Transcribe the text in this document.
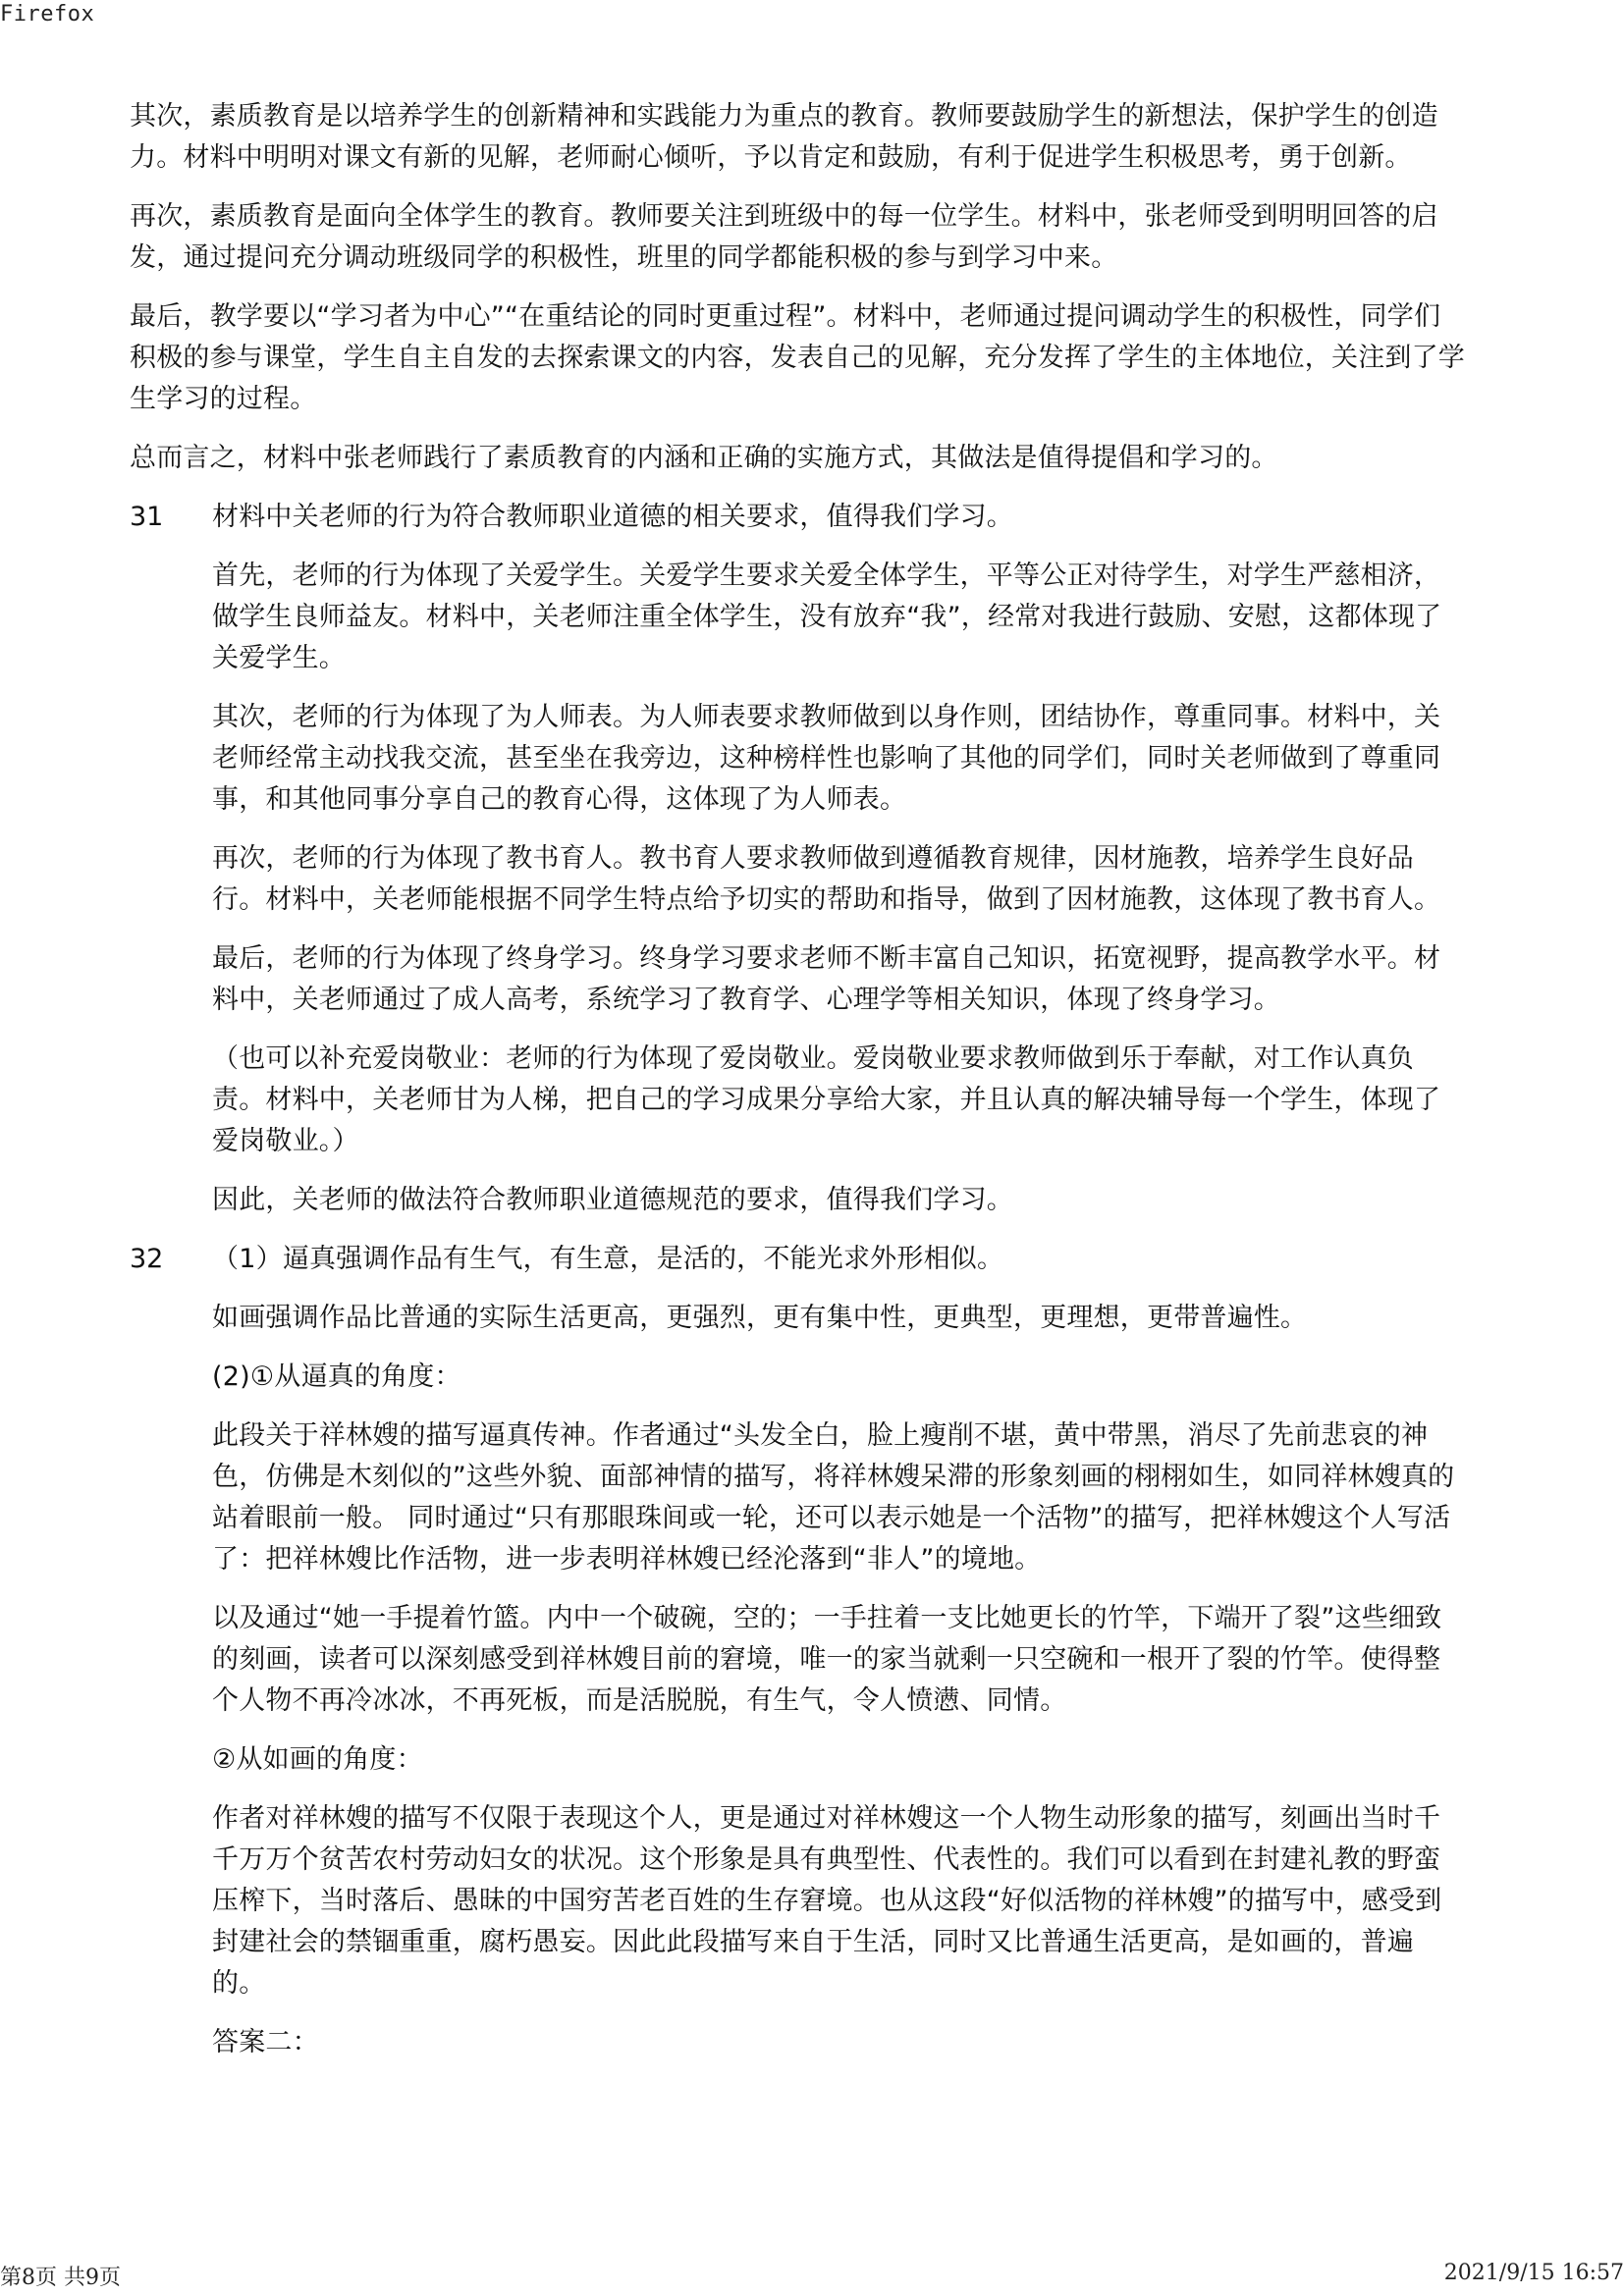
Firefox

其次，素质教育是以培养学生的创新精神和实践能力为重点的教育。教师要鼓励学生的新想法，保护学生的创造力。材料中明明对课文有新的见解，老师耐心倾听，予以肯定和鼓励，有利于促进学生积极思考，勇于创新。

再次，素质教育是面向全体学生的教育。教师要关注到班级中的每一位学生。材料中，张老师受到明明回答的启发，通过提问充分调动班级同学的积极性，班里的同学都能积极的参与到学习中来。

最后，教学要以“学习者为中心”“在重结论的同时更重过程”。材料中，老师通过提问调动学生的积极性，同学们积极的参与课堂，学生自主自发的去探索课文的内容，发表自己的见解，充分发挥了学生的主体地位，关注到了学生学习的过程。

总而言之，材料中张老师践行了素质教育的内涵和正确的实施方式，其做法是值得提倡和学习的。

31 材料中关老师的行为符合教师职业道德的相关要求，值得我们学习。

首先，老师的行为体现了关爱学生。关爱学生要求关爱全体学生，平等公正对待学生，对学生严慈相济，做学生良师益友。材料中，关老师注重全体学生，没有放弃“我”，经常对我进行鼓励、安慰，这都体现了关爱学生。

其次，老师的行为体现了为人师表。为人师表要求教师做到以身作则，团结协作，尊重同事。材料中，关老师经常主动找我交流，甚至坐在我旁边，这种榜样性也影响了其他的同学们，同时关老师做到了尊重同事，和其他同事分享自己的教育心得，这体现了为人师表。

再次，老师的行为体现了教书育人。教书育人要求教师做到遵循教育规律，因材施教，培养学生良好品行。材料中，关老师能根据不同学生特点给予切实的帮助和指导，做到了因材施教，这体现了教书育人。

最后，老师的行为体现了终身学习。终身学习要求老师不断丰富自己知识，拓宽视野，提高教学水平。材料中，关老师通过了成人高考，系统学习了教育学、心理学等相关知识，体现了终身学习。

（也可以补充爱岗敬业：老师的行为体现了爱岗敬业。爱岗敬业要求教师做到乐于奉献，对工作认真负责。材料中，关老师甘为人梯，把自己的学习成果分享给大家，并且认真的解决辅导每一个学生，体现了爱岗敬业。）

因此，关老师的做法符合教师职业道德规范的要求，值得我们学习。

32 （1）逼真强调作品有生气，有生意，是活的，不能光求外形相似。

如画强调作品比普通的实际生活更高，更强烈，更有集中性，更典型，更理想，更带普遍性。

(2)①从逼真的角度：

此段关于祥林嫂的描写逼真传神。作者通过“头发全白，脸上瘦削不堪，黄中带黑，消尽了先前悲哀的神色，仿佛是木刻似的”这些外貌、面部神情的描写，将祥林嫂呆滞的形象刻画的栩栩如生，如同祥林嫂真的站着眼前一般。 同时通过“只有那眼珠间或一轮，还可以表示她是一个活物”的描写，把祥林嫂这个人写活了：把祥林嫂比作活物，进一步表明祥林嫂已经沦落到“非人”的境地。

以及通过“她一手提着竹篮。内中一个破碗，空的；一手拄着一支比她更长的竹竿，下端开了裂”这些细致的刻画，读者可以深刻感受到祥林嫂目前的窘境，唯一的家当就剩一只空碗和一根开了裂的竹竿。使得整个人物不再冷冰冰，不再死板，而是活脱脱，有生气，令人愤懑、同情。

②从如画的角度：

作者对祥林嫂的描写不仅限于表现这个人，更是通过对祥林嫂这一个人物生动形象的描写，刻画出当时千千万万个贫苦农村劳动妇女的状况。这个形象是具有典型性、代表性的。我们可以看到在封建礼教的野蛮压榨下，当时落后、愚昧的中国穷苦老百姓的生存窘境。也从这段“好似活物的祥林嫂”的描写中，感受到封建社会的禁锢重重，腐朽愚妄。因此此段描写来自于生活，同时又比普通生活更高，是如画的，普遍的。

答案二：

第8页 共9页	2021/9/15 16:57
